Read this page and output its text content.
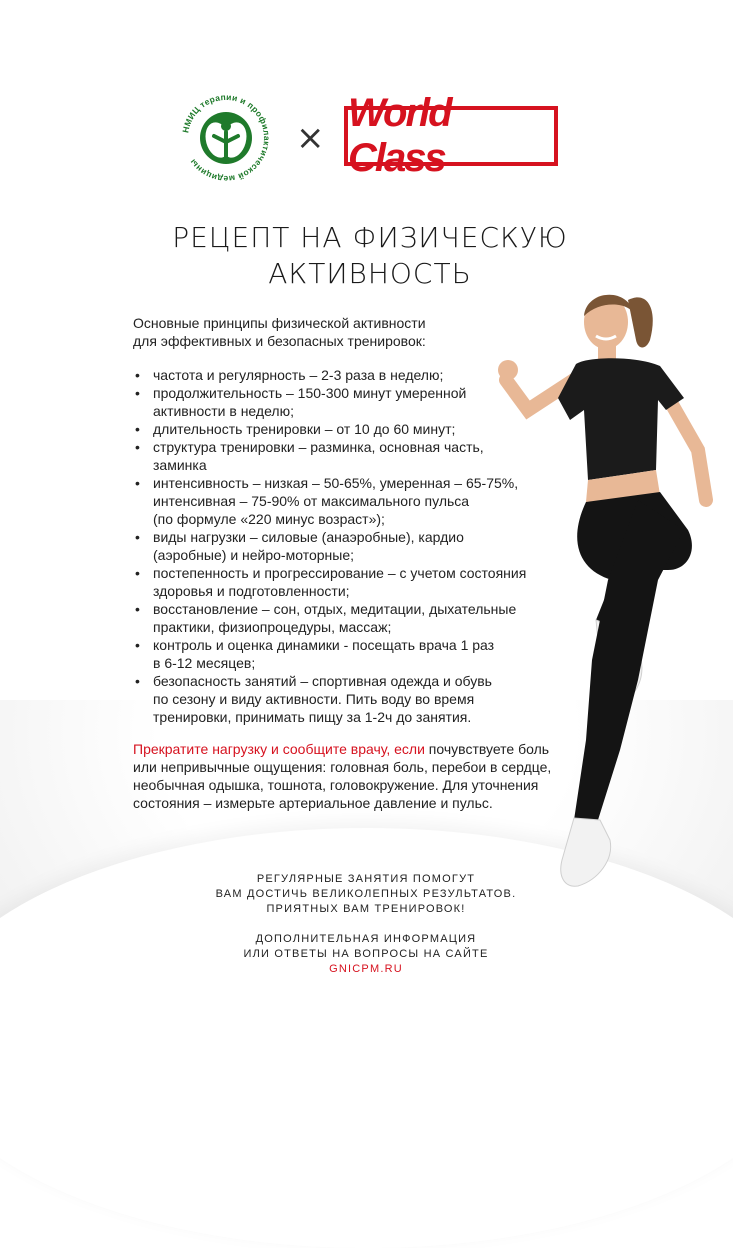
НМИЦ терапии и профилактической медицины
×
World Class
РЕЦЕПТ НА ФИЗИЧЕСКУЮ
АКТИВНОСТЬ
Основные принципы физической активности
для эффективных и безопасных тренировок:
• частота и регулярность – 2-3 раза в неделю;
• продолжительность – 150-300 минут умеренной
активности в неделю;
• длительность тренировки – от 10 до 60 минут;
• структура тренировки – разминка, основная часть,
заминка
• интенсивность – низкая – 50-65%, умеренная – 65-75%,
интенсивная – 75-90% от максимального пульса
(по формуле «220 минус возраст»);
• виды нагрузки – силовые (анаэробные), кардио
(аэробные) и нейро-моторные;
• постепенность и прогрессирование – с учетом состояния
здоровья и подготовленности;
• восстановление – сон, отдых, медитации, дыхательные
практики, физиопроцедуры, массаж;
• контроль и оценка динамики - посещать врача 1 раз
в 6-12 месяцев;
• безопасность занятий – спортивная одежда и обувь
по сезону и виду активности. Пить воду во время
тренировки, принимать пищу за 1-2ч до занятия.
Прекратите нагрузку и сообщите врачу, если почувствуете боль
или непривычные ощущения: головная боль, перебои в сердце,
необычная одышка, тошнота, головокружение. Для уточнения
состояния – измерьте артериальное давление и пульс.
РЕГУЛЯРНЫЕ ЗАНЯТИЯ ПОМОГУТ
ВАМ ДОСТИЧЬ ВЕЛИКОЛЕПНЫХ РЕЗУЛЬТАТОВ.
ПРИЯТНЫХ ВАМ ТРЕНИРОВОК!
ДОПОЛНИТЕЛЬНАЯ ИНФОРМАЦИЯ
ИЛИ ОТВЕТЫ НА ВОПРОСЫ НА САЙТЕ
GNICPM.RU
